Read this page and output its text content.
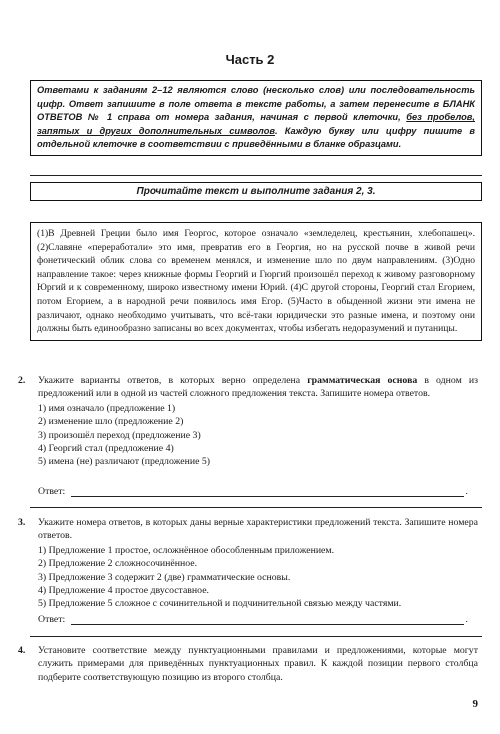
Часть 2
Ответами к заданиям 2–12 являются слово (несколько слов) или последовательность цифр. Ответ запишите в поле ответа в тексте работы, а затем перенесите в БЛАНК ОТВЕТОВ № 1 справа от номера задания, начиная с первой клеточки, без пробелов, запятых и других дополнительных символов. Каждую букву или цифру пишите в отдельной клеточке в соответствии с приведёнными в бланке образцами.
Прочитайте текст и выполните задания 2, 3.
(1)В Древней Греции было имя Георгос, которое означало «земледелец, крестьянин, хлебопашец». (2)Славяне «переработали» это имя, превратив его в Георгия, но на русской почве в живой речи фонетический облик слова со временем менялся, и изменение шло по двум направлениям. (3)Одно направление такое: через книжные формы Георгий и Гюргий произошёл переход к живому разговорному Юргий и к современному, широко известному имени Юрий. (4)С другой стороны, Георгий стал Егорием, потом Егорием, а в народной речи появилось имя Егор. (5)Часто в обыденной жизни эти имена не различают, однако необходимо учитывать, что всё-таки юридически это разные имена, и поэтому они должны быть единообразно записаны во всех документах, чтобы избегать недоразумений и путаницы.
2. Укажите варианты ответов, в которых верно определена грамматическая основа в одном из предложений или в одной из частей сложного предложения текста. Запишите номера ответов.
1) имя означало (предложение 1)
2) изменение шло (предложение 2)
3) произошёл переход (предложение 3)
4) Георгий стал (предложение 4)
5) имена (не) различают (предложение 5)
Ответ:	.
3. Укажите номера ответов, в которых даны верные характеристики предложений текста. Запишите номера ответов.
1) Предложение 1 простое, осложнённое обособленным приложением.
2) Предложение 2 сложносочинённое.
3) Предложение 3 содержит 2 (две) грамматические основы.
4) Предложение 4 простое двусоставное.
5) Предложение 5 сложное с сочинительной и подчинительной связью между частями.
Ответ:	.
4. Установите соответствие между пунктуационными правилами и предложениями, которые могут служить примерами для приведённых пунктуационных правил. К каждой позиции первого столбца подберите соответствующую позицию из второго столбца.
9
